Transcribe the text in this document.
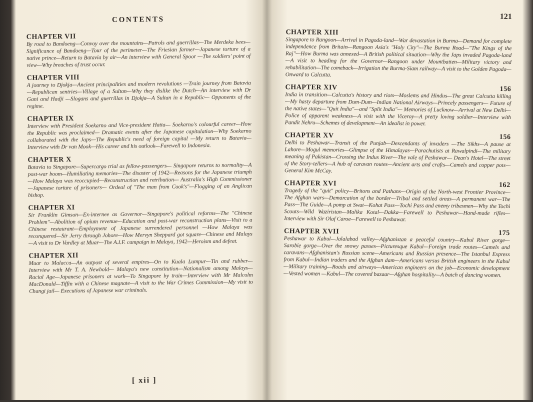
CONTENTS
CHAPTER VII
By road to Bandoeng—Convoy over the mountains—Patrols and guerrillas—The Merdeka bees—Significance of Bandoeng—Tour of the perimeter—The Friesian farmer—Japanese torture of a native prince—Return to Batavia by air—An interview with General Spoor —The soldiers' point of view—Why breaches of trust occur.
CHAPTER VIII
A journey to Djokja—Ancient principalities and modern revolutions —Train journey from Batavia—Republican sentries—Village of a Sultan—Why they dislike the Dutch—An interview with Dr Gani and Hadji —Slogans and guerrillas in Djokja—A Sultan in a Republic— Opponents of the regime.
CHAPTER IX
Interview with President Soekarno and Vice-president Hatta— Soekarno's colourful career—How the Republic was proclaimed— Dramatic events after the Japanese capitulation—Why Soekarno collaborated with the Japs—The Republic's need of foreign capital —My return to Batavia—Interview with Dr van Mook—His career and his outlook—Farewell to Indonesia.
CHAPTER X
Batavia to Singapore—Supercargo trial as fellow-passengers— Singapore returns to normality—A post-war boom—Humiliating memories—The disaster of 1942—Reasons for the Japanese triumph —How Malaya was reoccupied—Reconstruction and retribution— Australia's High Commissioner—Japanese torture of prisoners— Ordeal of "The man from Cook's"—Flogging of an Anglican bishop.
CHAPTER XI
Sir Franklin Gimson—Ex-internee as Governor—Singapore's political reforms—The "Chinese Problem"—Abolition of opium revenue—Education and post-war reconstruction plans—Visit to a Chinese restaurant—Employment of Japanese surrendered personnel —How Malaya was reconquered—Sir Jerry through Johore—How Mervyn Sheppard got square—Chinese and Malays—A visit to Dr Vardley at Muar—The A.I.F. campaign in Malaya, 1942—Heroism and defeat.
CHAPTER XII
Muar to Malacca—An outpost of several empires—On to Kuala Lumpur—Tin and rubber—Interview with Mr T. A. Newbold— Malaya's new constitution—Nationalism among Malays—Racial Age—Japanese prisoners at work—To Singapore by train—Interview with Mr Malcolm MacDonald—Tiffin with a Chinese magnate—A visit to the War Crimes Commission—My visit to Changi jail— Executions of Japanese war criminals.
[ xii ]
121
CHAPTER XIII
Singapore to Rangoon—Arrival in Pagoda-land—War devastation in Burma—Demand for complete independence from Britain—Rangoon Asia's "Holy City"—The Burma Road—"The Kings of the Raj"—How Burma was annexed—A British political situation—Why the Japs invaded Pagoda-land—A visit to heading for the Governor—Rangoon under Mountbatten—Military victory and rehabilitation—The comeback—Irrigation the Burma-Siam railway—A visit to the Golden Pagoda—Onward to Calcutta.
CHAPTER XIV	156
India in transition—Calcutta's history and riots—Moslems and Hindus—The great Calcutta killing—My hasty departure from Dum-Dum—Indian National Airways—Princely passengers— Future of the native states—"Quit India"—and "Split India"— Memories of Lucknow—Arrival at New Delhi—Police of apparent weakness—A visit with the Viceroy—A pretty loving soldier—Interview with Pandit Nehru—Schemes of development—An idealist in power.
CHAPTER XV	156
Delhi to Peshawar—Transit of the Punjab—Descendants of invaders —The Sikhs—A pause at Lahore—Mogul memories—Glimpse of the Himalayas—Parachutists at Rawalpindi—The military meaning of Pakistan—Crossing the Indus River—The vale of Peshawar— Dean's Hotel—The street of the Story-tellers—A hub of caravan routes—Ancient arts and crafts—Camels and copper pots—General Kim McCay.
CHAPTER XVI	162
Tragedy of the "quit" policy—Britons and Pathans—Origin of the North-west Frontier Province—The Afghan wars—Demarcation of the border—Tribal and settled areas—A permanent war—The Pass—The Guide—A pomp at Swat—Kohat Pass—Tochi Pass and enemy tribesmen—Why the Tochi Scouts—Wild Waziristan—Malika Kotal—Dakka—Farewell to Peshawar—Hand-made rifles—Interview with Sir Olaf Caroe—Farewell to Peshawar.
CHAPTER XVII	175
Peshawar to Kabul—Jalalabad valley—Afghanistan a peaceful country—Kabul River gorge—Sarobie gorge—Over the snowy passes—Picturesque Kabul—Foreign trade routes—Camels and caravans—Afghanistan's Russian scene—Americans and Russian presence—The Istanbul Express from Kabul—Indian traders and the Afghan dam—Americans versus British engineers in the Kabul—Military training—Roads and airways—American engineers on the job—Economic development—Vested women —Kabul—The covered bazaar—Afghan hospitality—A batch of dancing women.
